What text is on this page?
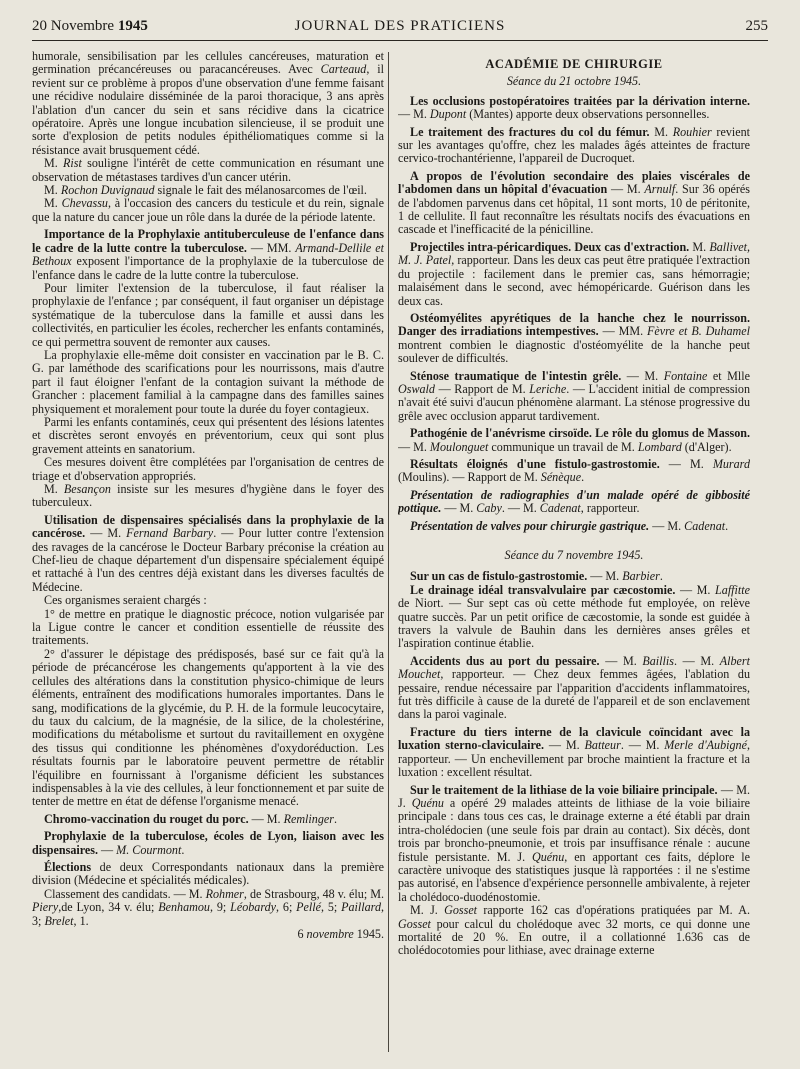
20 Novembre 1945	JOURNAL DES PRATICIENS	255

humorale, sensibilisation par les cellules cancéreuses, maturation et germination précancéreuses ou paracancéreuses. Avec Carteaud, il revient sur ce problème à propos d'une observation d'une femme faisant une récidive nodulaire disséminée de la paroi thoracique, 3 ans après l'ablation d'un cancer du sein et sans récidive dans la cicatrice opératoire. Après une longue incubation silencieuse, il se produit une sorte d'explosion de petits nodules épithéliomatiques comme si la résistance avait brusquement cédé.

M. Rist souligne l'intérêt de cette communication en résumant une observation de métastases tardives d'un cancer utérin.

M. Rochon Duvignaud signale le fait des mélanosarcomes de l'œil.

M. Chevassu, à l'occasion des cancers du testicule et du rein, signale que la nature du cancer joue un rôle dans la durée de la période latente.

Importance de la Prophylaxie antituberculeuse de l'enfance dans le cadre de la lutte contre la tuberculose. — MM. Armand-Dellile et Bethoux exposent l'importance de la prophylaxie de la tuberculose de l'enfance dans le cadre de la lutte contre la tuberculose.

Pour limiter l'extension de la tuberculose, il faut réaliser la prophylaxie de l'enfance ; par conséquent, il faut organiser un dépistage systématique de la tuberculose dans la famille et aussi dans les collectivités, en particulier les écoles, rechercher les enfants contaminés, ce qui permettra souvent de remonter aux causes.

La prophylaxie elle-même doit consister en vaccination par le B. C. G. par laméthode des scarifications pour les nourrissons, mais d'autre part il faut éloigner l'enfant de la contagion suivant la méthode de Grancher : placement familial à la campagne dans des familles saines physiquement et moralement pour toute la durée du foyer contagieux.

Parmi les enfants contaminés, ceux qui présentent des lésions latentes et discrètes seront envoyés en préventorium, ceux qui sont plus gravement atteints en sanatorium.

Ces mesures doivent être complétées par l'organisation de centres de triage et d'observation appropriés.

M. Besançon insiste sur les mesures d'hygiène dans le foyer des tuberculeux.

Utilisation de dispensaires spécialisés dans la prophylaxie de la cancérose. — M. Fernand Barbary. — Pour lutter contre l'extension des ravages de la cancérose le Docteur Barbary préconise la création au Chef-lieu de chaque département d'un dispensaire spécialement équipé et rattaché à l'un des centres déjà existant dans les diverses facultés de Médecine.

Ces organismes seraient chargés :

1° de mettre en pratique le diagnostic précoce, notion vulgarisée par la Ligue contre le cancer et condition essentielle de réussite des traitements.

2° d'assurer le dépistage des prédisposés, basé sur ce fait qu'à la période de précancérose les changements qu'apportent à la vie des cellules des altérations dans la constitution physico-chimique de leurs éléments, entraînent des modifications humorales importantes. Dans le sang, modifications de la glycémie, du P. H. de la formule leucocytaire, du taux du calcium, de la magnésie, de la silice, de la cholestérine, modifications du métabolisme et surtout du ravitaillement en oxygène des tissus qui conditionne les phénomènes d'oxydoréduction. Les résultats fournis par le laboratoire peuvent permettre de rétablir l'équilibre en fournissant à l'organisme déficient les substances indispensables à la vie des cellules, à leur fonctionnement et par suite de tenter de mettre en état de défense l'organisme menacé.

Chromo-vaccination du rouget du porc. — M. Remlinger.

Prophylaxie de la tuberculose, écoles de Lyon, liaison avec les dispensaires. — M. Courmont.

Élections de deux Correspondants nationaux dans la première division (Médecine et spécialités médicales).

Classement des candidats. — M. Rohmer, de Strasbourg, 48 v. élu; M. Piery,de Lyon, 34 v. élu; Benhamou, 9; Léobardy, 6; Pellé, 5; Paillard, 3; Brelet, 1.

6 novembre 1945.

ACADÉMIE DE CHIRURGIE

Séance du 21 octobre 1945.

Les occlusions postopératoires traitées par la dérivation interne. — M. Dupont (Mantes) apporte deux observations personnelles.

Le traitement des fractures du col du fémur. M. Rouhier revient sur les avantages qu'offre, chez les malades âgés atteintes de fracture cervico-trochantérienne, l'appareil de Ducroquet.

A propos de l'évolution secondaire des plaies viscérales de l'abdomen dans un hôpital d'évacuation — M. Arnulf. Sur 36 opérés de l'abdomen parvenus dans cet hôpital, 11 sont morts, 10 de péritonite, 1 de cellulite. Il faut reconnaître les résultats nocifs des évacuations en cascade et l'inefficacité de la pénicilline.

Projectiles intra-péricardiques. Deux cas d'extraction. M. Ballivet, M. J. Patel, rapporteur. Dans les deux cas peut être pratiquée l'extraction du projectile : facilement dans le premier cas, sans hémorragie; malaisément dans le second, avec hémopéricarde. Guérison dans les deux cas.

Ostéomyélites apyrétiques de la hanche chez le nourrisson. Danger des irradiations intempestives. — MM. Fèvre et B. Duhamel montrent combien le diagnostic d'ostéomyélite de la hanche peut soulever de difficultés.

Sténose traumatique de l'intestin grêle. — M. Fontaine et Mlle Oswald — Rapport de M. Leriche. — L'accident initial de compression n'avait été suivi d'aucun phénomène alarmant. La sténose progressive du grêle avec occlusion apparut tardivement.

Pathogénie de l'anévrisme cirsoïde. Le rôle du glomus de Masson. — M. Moulonguet communique un travail de M. Lombard (d'Alger).

Résultats éloignés d'une fistulo-gastrostomie. — M. Murard (Moulins). — Rapport de M. Sénèque.

Présentation de radiographies d'un malade opéré de gibbosité pottique. — M. Caby. — M. Cadenat, rapporteur.

Présentation de valves pour chirurgie gastrique. — M. Cadenat.

Séance du 7 novembre 1945.

Sur un cas de fistulo-gastrostomie. — M. Barbier.

Le drainage idéal transvalvulaire par cæcostomie. — M. Laffitte de Niort. — Sur sept cas où cette méthode fut employée, on relève quatre succès. Par un petit orifice de cæcostomie, la sonde est guidée à travers la valvule de Bauhin dans les dernières anses grêles et l'aspiration continue établie.

Accidents dus au port du pessaire. — M. Baillis. — M. Albert Mouchet, rapporteur. — Chez deux femmes âgées, l'ablation du pessaire, rendue nécessaire par l'apparition d'accidents inflammatoires, fut très difficile à cause de la dureté de l'appareil et de son enclavement dans la paroi vaginale.

Fracture du tiers interne de la clavicule coïncidant avec la luxation sterno-claviculaire. — M. Batteur. — M. Merle d'Aubigné, rapporteur. — Un enchevillement par broche maintient la fracture et la luxation : excellent résultat.

Sur le traitement de la lithiase de la voie biliaire principale. — M. J. Quénu a opéré 29 malades atteints de lithiase de la voie biliaire principale : dans tous ces cas, le drainage externe a été établi par drain intra-cholédocien (une seule fois par drain au contact). Six décès, dont trois par broncho-pneumonie, et trois par insuffisance rénale : aucune fistule persistante. M. J. Quénu, en apportant ces faits, déplore le caractère univoque des statistiques jusque là rapportées : il ne s'estime pas autorisé, en l'absence d'expérience personnelle ambivalente, à rejeter la cholédoco-duodénostomie.

M. J. Gosset rapporte 162 cas d'opérations pratiquées par M. A. Gosset pour calcul du cholédoque avec 32 morts, ce qui donne une mortalité de 20 %. En outre, il a collationné 1.636 cas de cholédocotomies pour lithiase, avec drainage externe
